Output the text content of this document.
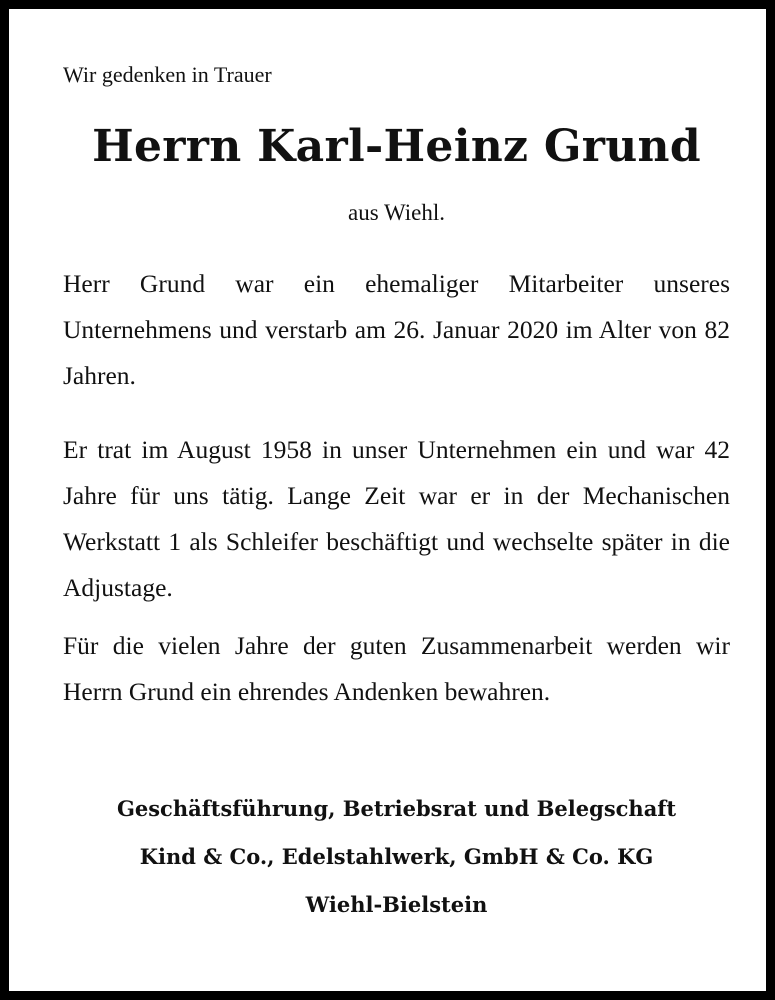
Wir gedenken in Trauer

Herrn Karl-Heinz Grund

aus Wiehl.

Herr Grund war ein ehemaliger Mitarbeiter unseres Unternehmens und verstarb am 26. Januar 2020 im Alter von 82 Jahren.

Er trat im August 1958 in unser Unternehmen ein und war 42 Jahre für uns tätig. Lange Zeit war er in der Mechanischen Werkstatt 1 als Schleifer beschäftigt und wechselte später in die Adjustage.

Für die vielen Jahre der guten Zusammenarbeit werden wir Herrn Grund ein ehrendes Andenken bewahren.

Geschäftsführung, Betriebsrat und Belegschaft
Kind & Co., Edelstahlwerk, GmbH & Co. KG
Wiehl-Bielstein
